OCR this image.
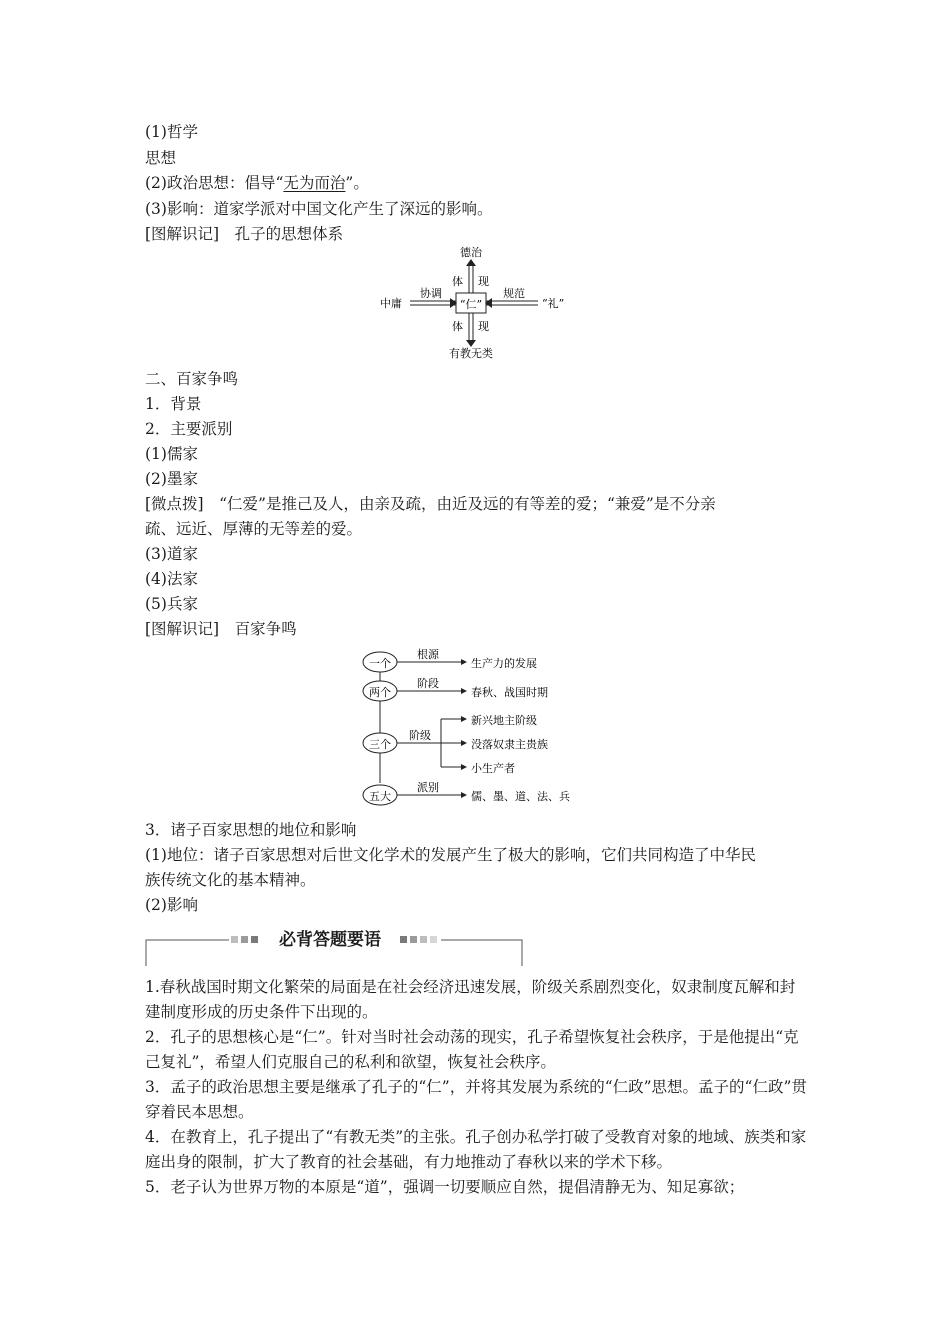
(1)哲学
思想
(2)政治思想：倡导“无为而治”。
(3)影响：道家学派对中国文化产生了深远的影响。
[图解识记]　孔子的思想体系
“仁”
德治
体 现
有教无类
体 现
中庸
协调
“礼”
规范
二、百家争鸣
1．背景
2．主要派别
(1)儒家
(2)墨家
[微点拨]　“仁爱”是推己及人，由亲及疏，由近及远的有等差的爱；“兼爱”是不分亲
疏、远近、厚薄的无等差的爱。
(3)道家
(4)法家
(5)兵家
[图解识记]　百家争鸣
一个
根源
生产力的发展
两个
阶段
春秋、战国时期
三个
阶级
新兴地主阶级
没落奴隶主贵族
小生产者
五大
派别
儒、墨、道、法、兵
3．诸子百家思想的地位和影响
(1)地位：诸子百家思想对后世文化学术的发展产生了极大的影响，它们共同构造了中华民
族传统文化的基本精神。
(2)影响
必背答题要语
1.春秋战国时期文化繁荣的局面是在社会经济迅速发展，阶级关系剧烈变化，奴隶制度瓦解和封建制度形成的历史条件下出现的。
2．孔子的思想核心是“仁”。针对当时社会动荡的现实，孔子希望恢复社会秩序，于是他提出“克己复礼”，希望人们克服自己的私利和欲望，恢复社会秩序。
3．孟子的政治思想主要是继承了孔子的“仁”，并将其发展为系统的“仁政”思想。孟子的“仁政”贯穿着民本思想。
4．在教育上，孔子提出了“有教无类”的主张。孔子创办私学打破了受教育对象的地域、族类和家庭出身的限制，扩大了教育的社会基础，有力地推动了春秋以来的学术下移。
5．老子认为世界万物的本原是“道”，强调一切要顺应自然，提倡清静无为、知足寡欲；
